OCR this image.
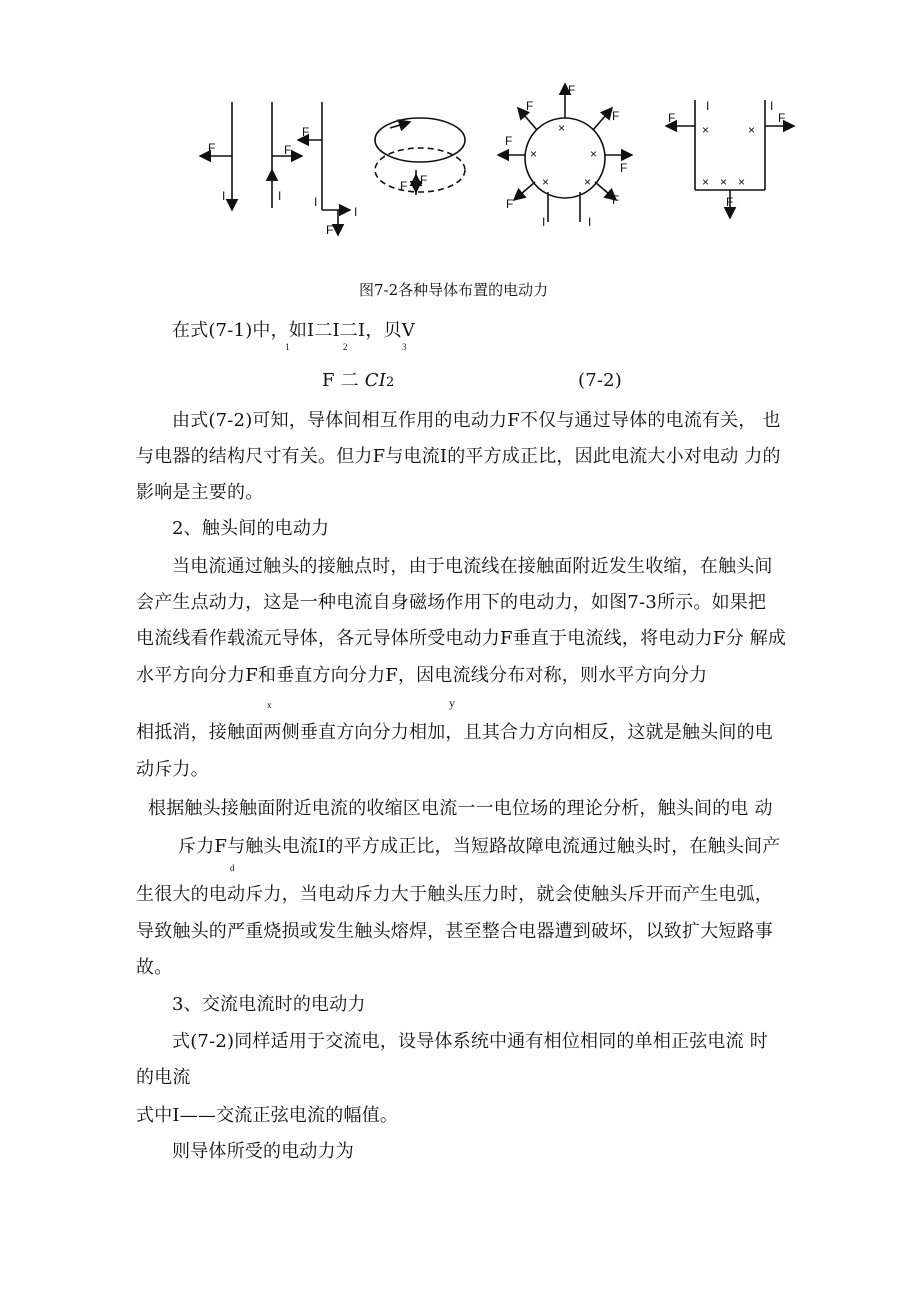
F
I
F
I
F
I
I
F
F F
F
F
F
F
F
F	F
I	I
F	F
I	I
F
×
×	×
×	×
×	×
× × ×
图7-2各种导体布置的电动力
在式(7-1)中，如I二I二I，贝V
1	2	3
F 二 CI2	(7-2)
由式(7-2)可知，导体间相互作用的电动力F不仅与通过导体的电流有关， 也
与电器的结构尺寸有关。但力F与电流I的平方成正比，因此电流大小对电动 力的
影响是主要的。
2、触头间的电动力
当电流通过触头的接触点时，由于电流线在接触面附近发生收缩，在触头间
会产生点动力，这是一种电流自身磁场作用下的电动力，如图7-3所示。如果把
电流线看作载流元导体，各元导体所受电动力F垂直于电流线，将电动力F分 解成
水平方向分力F和垂直方向分力F，因电流线分布对称，则水平方向分力
x	y
相抵消，接触面两侧垂直方向分力相加，且其合力方向相反，这就是触头间的电
动斥力。
根据触头接触面附近电流的收缩区电流一一电位场的理论分析，触头间的电 动
斥力F与触头电流I的平方成正比，当短路故障电流通过触头时，在触头间产
d
生很大的电动斥力，当电动斥力大于触头压力时，就会使触头斥开而产生电弧，
导致触头的严重烧损或发生触头熔焊，甚至整合电器遭到破坏，以致扩大短路事
故。
3、交流电流时的电动力
式(7-2)同样适用于交流电，设导体系统中通有相位相同的单相正弦电流 时
的电流
式中I——交流正弦电流的幅值。
则导体所受的电动力为
